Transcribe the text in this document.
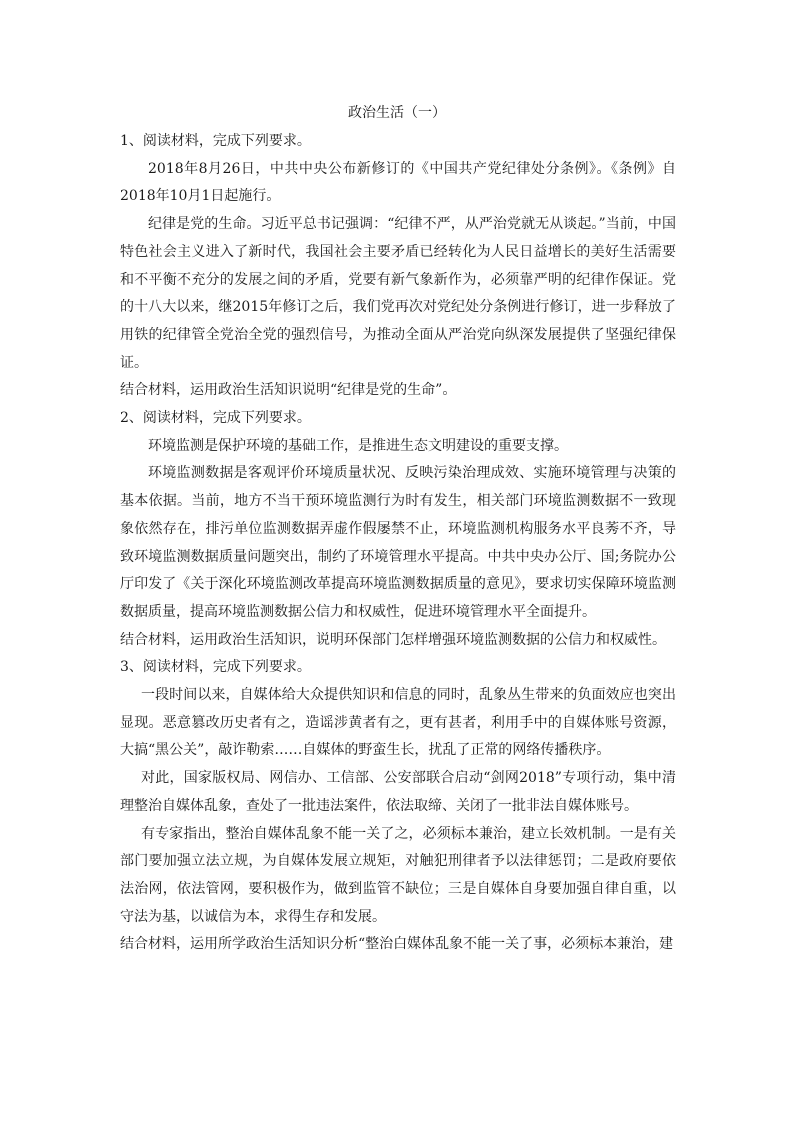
政治生活（一）

1、阅读材料，完成下列要求。

2018年8月26日，中共中央公布新修订的《中国共产党纪律处分条例》。《条例》自2018年10月1日起施行。

纪律是党的生命。习近平总书记强调：“纪律不严，从严治党就无从谈起。”当前，中国特色社会主义进入了新时代，我国社会主要矛盾已经转化为人民日益增长的美好生活需要和不平衡不充分的发展之间的矛盾，党要有新气象新作为，必须靠严明的纪律作保证。党的十八大以来，继2015年修订之后，我们党再次对党纪处分条例进行修订，进一步释放了用铁的纪律管全党治全党的强烈信号，为推动全面从严治党向纵深发展提供了坚强纪律保证。

结合材料，运用政治生活知识说明“纪律是党的生命”。

2、阅读材料，完成下列要求。

环境监测是保护环境的基础工作，是推进生态文明建设的重要支撑。

环境监测数据是客观评价环境质量状况、反映污染治理成效、实施环境管理与决策的基本依据。当前，地方不当干预环境监测行为时有发生，相关部门环境监测数据不一致现象依然存在，排污单位监测数据弄虚作假屡禁不止，环境监测机构服务水平良莠不齐，导致环境监测数据质量问题突出，制约了环境管理水平提高。中共中央办公厅、国;务院办公厅印发了《关于深化环境监测改革提高环境监测数据质量的意见》，要求切实保障环境监测数据质量，提高环境监测数据公信力和权威性，促进环境管理水平全面提升。

结合材料，运用政治生活知识，说明环保部门怎样增强环境监测数据的公信力和权威性。

3、阅读材料，完成下列要求。

一段时间以来，自媒体给大众提供知识和信息的同时，乱象丛生带来的负面效应也突出显现。恶意篡改历史者有之，造谣涉黄者有之，更有甚者，利用手中的自媒体账号资源，大搞“黑公关”，敲诈勒索……自媒体的野蛮生长，扰乱了正常的网络传播秩序。

对此，国家版权局、网信办、工信部、公安部联合启动“剑网2018”专项行动，集中清理整治自媒体乱象，查处了一批违法案件，依法取缔、关闭了一批非法自媒体账号。

有专家指出，整治自媒体乱象不能一关了之，必须标本兼治，建立长效机制。一是有关部门要加强立法立规，为自媒体发展立规矩，对触犯刑律者予以法律惩罚；二是政府要依法治网，依法管网，要积极作为，做到监管不缺位；三是自媒体自身要加强自律自重，以守法为基，以诚信为本，求得生存和发展。

结合材料，运用所学政治生活知识分析“整治白媒体乱象不能一关了事，必须标本兼治，建
